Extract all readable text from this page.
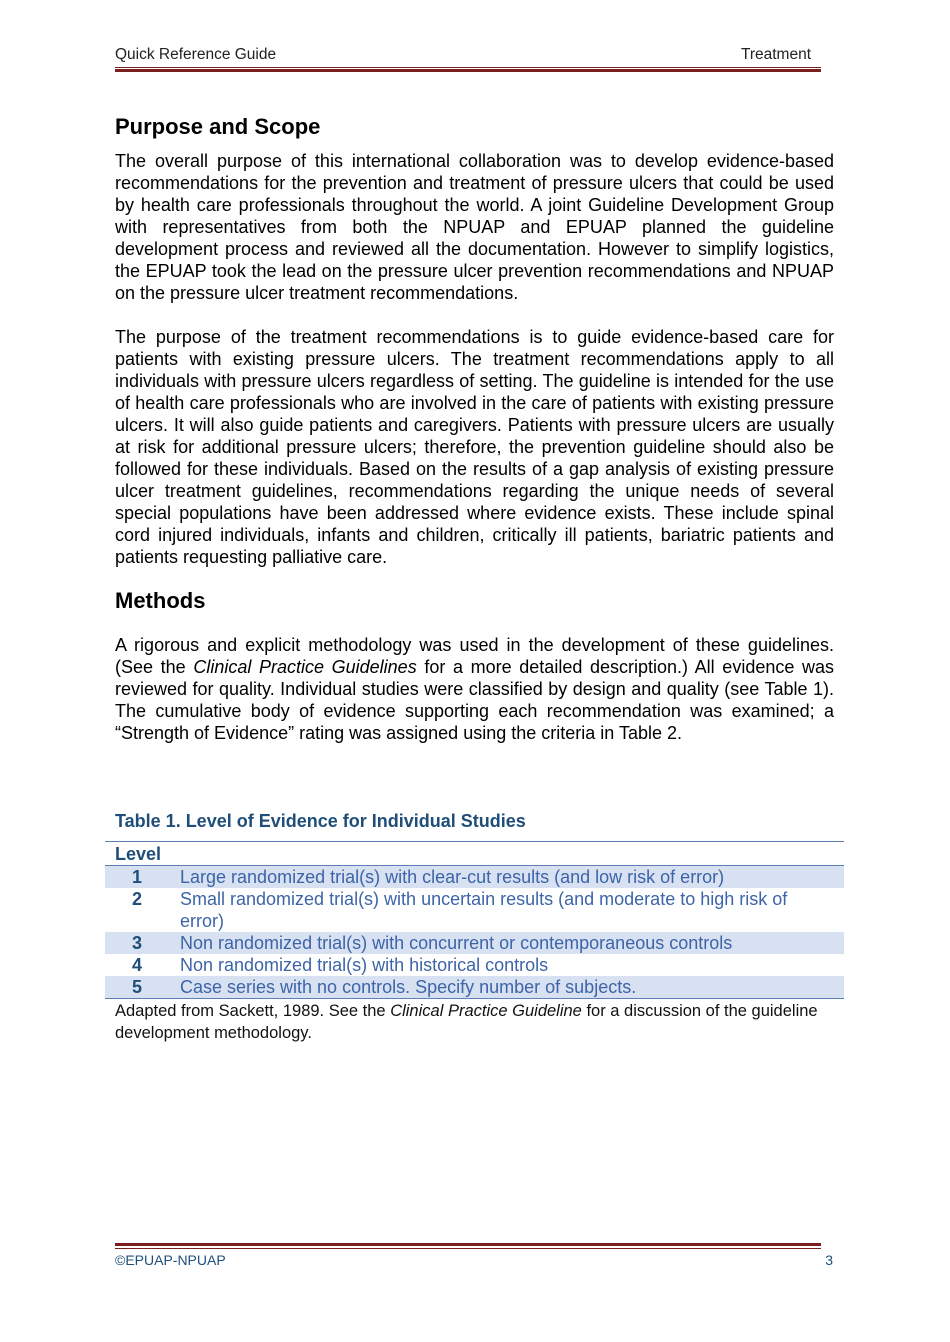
Quick Reference Guide	Treatment
Purpose and Scope

The overall purpose of this international collaboration was to develop evidence-based recommendations for the prevention and treatment of pressure ulcers that could be used by health care professionals throughout the world. A joint Guideline Development Group with representatives from both the NPUAP and EPUAP planned the guideline development process and reviewed all the documentation. However to simplify logistics, the EPUAP took the lead on the pressure ulcer prevention recommendations and NPUAP on the pressure ulcer treatment recommendations.

The purpose of the treatment recommendations is to guide evidence-based care for patients with existing pressure ulcers. The treatment recommendations apply to all individuals with pressure ulcers regardless of setting. The guideline is intended for the use of health care professionals who are involved in the care of patients with existing pressure ulcers. It will also guide patients and caregivers. Patients with pressure ulcers are usually at risk for additional pressure ulcers; therefore, the prevention guideline should also be followed for these individuals. Based on the results of a gap analysis of existing pressure ulcer treatment guidelines, recommendations regarding the unique needs of several special populations have been addressed where evidence exists. These include spinal cord injured individuals, infants and children, critically ill patients, bariatric patients and patients requesting palliative care.

Methods

A rigorous and explicit methodology was used in the development of these guidelines. (See the Clinical Practice Guidelines for a more detailed description.) All evidence was reviewed for quality. Individual studies were classified by design and quality (see Table 1). The cumulative body of evidence supporting each recommendation was examined; a “Strength of Evidence” rating was assigned using the criteria in Table 2.

Table 1. Level of Evidence for Individual Studies

Level
1	Large randomized trial(s) with clear-cut results (and low risk of error)
2	Small randomized trial(s) with uncertain results (and moderate to high risk of error)
3	Non randomized trial(s) with concurrent or contemporaneous controls
4	Non randomized trial(s) with historical controls
5	Case series with no controls. Specify number of subjects.

Adapted from Sackett, 1989. See the Clinical Practice Guideline for a discussion of the guideline development methodology.

©EPUAP-NPUAP	3
